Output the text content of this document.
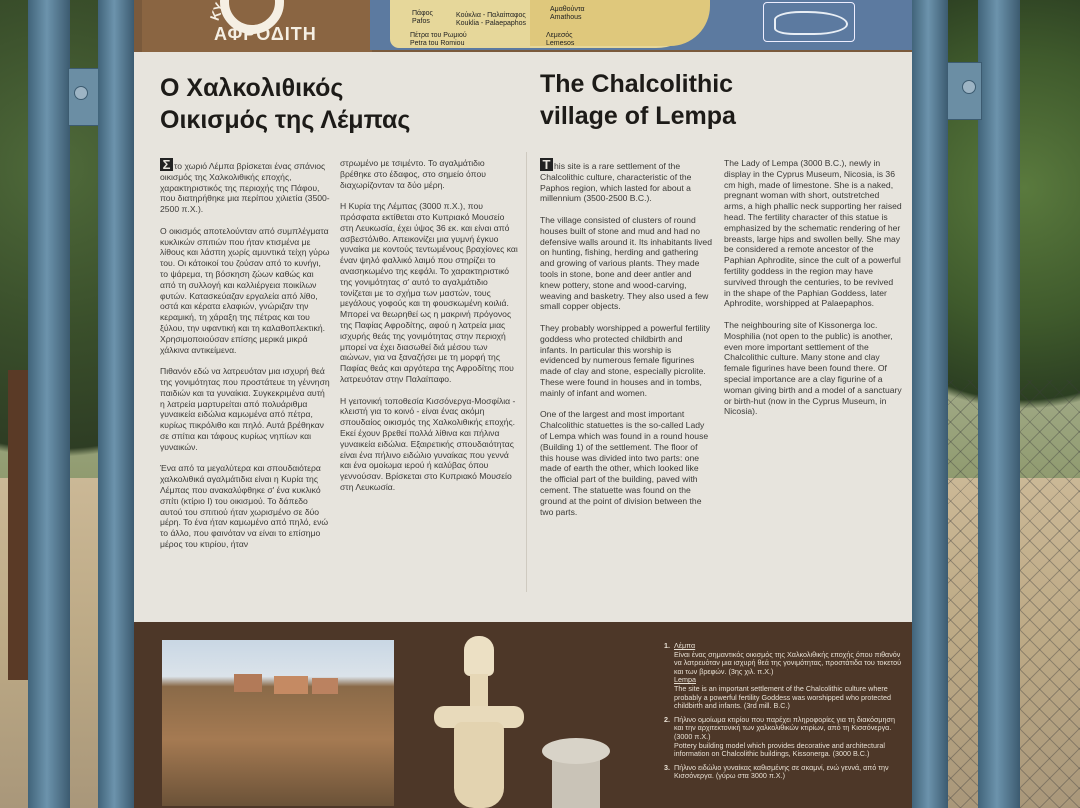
ΚΥ
ΑΦΡΟΔΙΤΗ
Πάφος
Pafos
Κούκλια - Παλαίπαφος
Kouklia - Palaepaphos
Αμαθούντα
Amathous
Πέτρα του Ρωμιού
Petra tou Romiou
Λεμεσός
Lemesos
Ο Χαλκολιθικός
Οικισμός της Λέμπας
The Chalcolithic
village of Lempa
Σ το χωριό Λέμπα βρίσκεται ένας σπάνιος οικισμός της Χαλκολιθικής εποχής, χαρακτηριστικός της περιοχής της Πάφου, που διατηρήθηκε μια περίπου χιλιετία (3500-2500 π.Χ.).

Ο οικισμός αποτελούνταν από συμπλέγματα κυκλικών σπιτιών που ήταν κτισμένα με λίθους και λάσπη χωρίς αμυντικά τείχη γύρω του. Οι κάτοικοί του ζούσαν από το κυνήγι, το ψάρεμα, τη βόσκηση ζώων καθώς και από τη συλλογή και καλλιέργεια ποικίλων φυτών. Κατασκεύαζαν εργαλεία από λίθο, οστά και κέρατα ελαφιών, γνώριζαν την κεραμική, τη χάραξη της πέτρας και του ξύλου, την υφαντική και τη καλαθοπλεκτική. Χρησιμοποιούσαν επίσης μερικά μικρά χάλκινα αντικείμενα.

Πιθανόν εδώ να λατρευόταν μια ισχυρή θεά της γονιμότητας που προστάτευε τη γέννηση παιδιών και τα γυναίκια. Συγκεκριμένα αυτή η λατρεία μαρτυρείται από πολυάριθμα γυναικεία ειδώλια καμωμένα από πέτρα, κυρίως πικρόλιθο και πηλό. Αυτά βρέθηκαν σε σπίτια και τάφους κυρίως νηπίων και γυναικών.

Ένα από τα μεγαλύτερα και σπουδαιότερα χαλκολιθικά αγαλμάτιδια είναι η Κυρία της Λέμπας που ανακαλύφθηκε σ' ένα κυκλικό σπίτι (κτίριο Ι) του οικισμού. Το δάπεδο αυτού του σπιτιού ήταν χωρισμένο σε δύο μέρη. Το ένα ήταν καμωμένο από πηλό, ενώ το άλλο, που φαινόταν να είναι το επίσημο μέρος του κτιρίου, ήταν
στρωμένο με τσιμέντο. Το αγαλμάτιδιο βρέθηκε στο έδαφος, στο σημείο όπου διαχωρίζονταν τα δύο μέρη.

Η Κυρία της Λέμπας (3000 π.Χ.), που πρόσφατα εκτίθεται στο Κυπριακό Μουσείο στη Λευκωσία, έχει ύψος 36 εκ. και είναι από ασβεστόλιθο. Απεικονίζει μια γυμνή έγκυο γυναίκα με κοντούς τεντωμένους βραχίονες και έναν ψηλό φαλλικό λαιμό που στηρίζει το ανασηκωμένο της κεφάλι. Το χαρακτηριστικό της γονιμότητας σ' αυτό το αγαλμάτιδιο τονίζεται με το σχήμα των μαστών, τους μεγάλους γοφούς και τη φουσκωμένη κοιλιά. Μπορεί να θεωρηθεί ως η μακρινή πρόγονος της Παφίας Αφροδίτης, αφού η λατρεία μιας ισχυρής θεάς της γονιμότητας στην περιοχή μπορεί να έχει διασωθεί διά μέσου των αιώνων, για να ξαναζήσει με τη μορφή της Παφίας θεάς και αργότερα της Αφροδίτης που λατρευόταν στην Παλαίπαφο.

Η γειτονική τοποθεσία Κισσόνεργα-Μοσφίλια - κλειστή για το κοινό - είναι ένας ακόμη σπουδαίος οικισμός της Χαλκολιθικής εποχής. Εκεί έχουν βρεθεί πολλά λίθινα και πήλινα γυναικεία ειδώλια. Εξαιρετικής σπουδαιότητας είναι ένα πήλινο ειδώλιο γυναίκας που γεννά και ένα ομοίωμα ιερού ή καλύβας όπου γεννούσαν. Βρίσκεται στο Κυπριακό Μουσείο στη Λευκωσία.
T his site is a rare settlement of the Chalcolithic culture, characteristic of the Paphos region, which lasted for about a millennium (3500-2500 B.C.).

The village consisted of clusters of round houses built of stone and mud and had no defensive walls around it. Its inhabitants lived on hunting, fishing, herding and gathering and growing of various plants. They made tools in stone, bone and deer antler and knew pottery, stone and wood-carving, weaving and basketry. They also used a few small copper objects.

They probably worshipped a powerful fertility goddess who protected childbirth and infants. In particular this worship is evidenced by numerous female figurines made of clay and stone, especially picrolite. These were found in houses and in tombs, mainly of infant and women.

One of the largest and most important Chalcolithic statuettes is the so-called Lady of Lempa which was found in a round house (Building 1) of the settlement. The floor of this house was divided into two parts: one made of earth the other, which looked like the official part of the building, paved with cement. The statuette was found on the ground at the point of division between the two parts.
The Lady of Lempa (3000 B.C.), newly in display in the Cyprus Museum, Nicosia, is 36 cm high, made of limestone. She is a naked, pregnant woman with short, outstretched arms, a high phallic neck supporting her raised head. The fertility character of this statue is emphasized by the schematic rendering of her breasts, large hips and swollen belly. She may be considered a remote ancestor of the Paphian Aphrodite, since the cult of a powerful fertility goddess in the region may have survived through the centuries, to be revived in the shape of the Paphian Goddess, later Aphrodite, worshipped at Palaepaphos.

The neighbouring site of Kissonerga loc. Mosphilia (not open to the public) is another, even more important settlement of the Chalcolithic culture. Many stone and clay female figurines have been found there. Of special importance are a clay figurine of a woman giving birth and a model of a sanctuary or birth-hut (now in the Cyprus Museum, in Nicosia).
1. Λέμπα
Είναι ένας σημαντικός οικισμός της Χαλκολιθικής εποχής όπου πιθανόν να λατρευόταν μια ισχυρή θεά της γονιμότητας, προστάτιδα του τοκετού και των βρεφών. (3ης χιλ. π.Χ.)
Lempa
The site is an important settlement of the Chalcolithic culture where probably a powerful fertility Goddess was worshipped who protected childbirth and infants. (3rd mill. B.C.)
2. Πήλινο ομοίωμα κτιρίου που παρέχει πληροφορίες για τη διακόσμηση και την αρχιτεκτονική των χαλκολιθικών κτιρίων, από τη Κισσόνεργα. (3000 π.Χ.)
Pottery building model which provides decorative and architectural information on Chalcolithic buildings, Kissonerga. (3000 B.C.)
3. Πήλινο ειδώλιο γυναίκας καθισμένης σε σκαμνί, ενώ γεννά, από την Κισσόνεργα. (γύρω στα 3000 π.Χ.)
